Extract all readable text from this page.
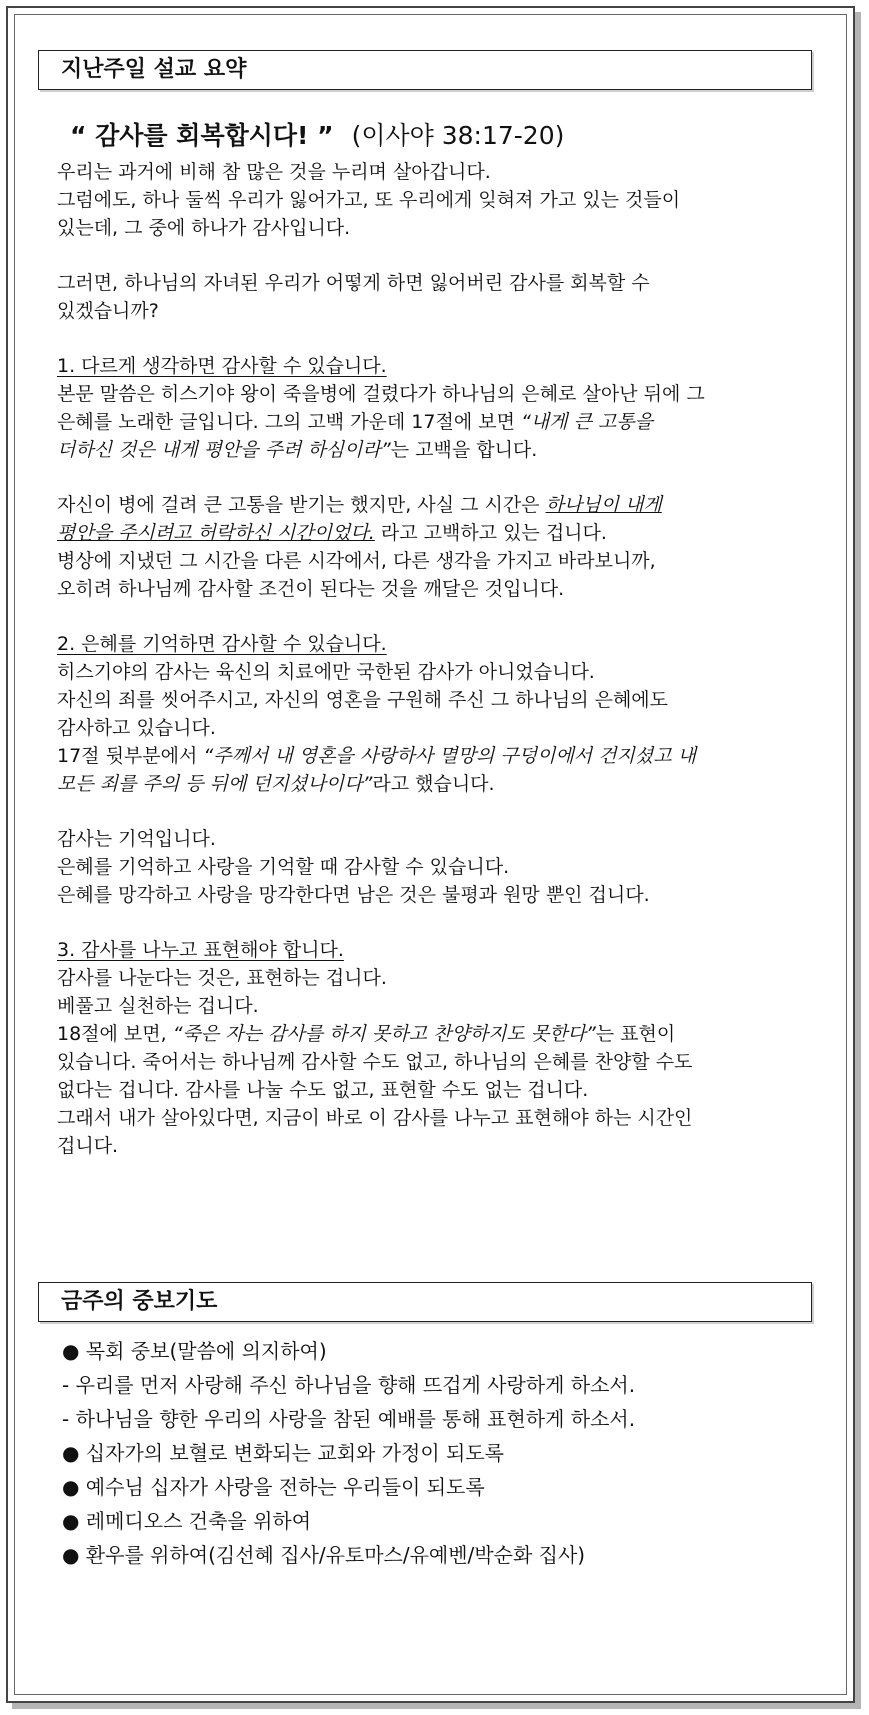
지난주일 설교 요약
“ 감사를 회복합시다! ” (이사야 38:17-20)
우리는 과거에 비해 참 많은 것을 누리며 살아갑니다.
그럼에도, 하나 둘씩 우리가 잃어가고, 또 우리에게 잊혀져 가고 있는 것들이
있는데, 그 중에 하나가 감사입니다.
그러면, 하나님의 자녀된 우리가 어떻게 하면 잃어버린 감사를 회복할 수
있겠습니까?
1. 다르게 생각하면 감사할 수 있습니다.
본문 말씀은 히스기야 왕이 죽을병에 걸렸다가 하나님의 은혜로 살아난 뒤에 그
은혜를 노래한 글입니다. 그의 고백 가운데 17절에 보면 “내게 큰 고통을
더하신 것은 내게 평안을 주려 하심이라”는 고백을 합니다.
자신이 병에 걸려 큰 고통을 받기는 했지만, 사실 그 시간은 하나님이 내게
평안을 주시려고 허락하신 시간이었다. 라고 고백하고 있는 겁니다.
병상에 지냈던 그 시간을 다른 시각에서, 다른 생각을 가지고 바라보니까,
오히려 하나님께 감사할 조건이 된다는 것을 깨달은 것입니다.
2. 은혜를 기억하면 감사할 수 있습니다.
히스기야의 감사는 육신의 치료에만 국한된 감사가 아니었습니다.
자신의 죄를 씻어주시고, 자신의 영혼을 구원해 주신 그 하나님의 은혜에도
감사하고 있습니다.
17절 뒷부분에서 “주께서 내 영혼을 사랑하사 멸망의 구덩이에서 건지셨고 내
모든 죄를 주의 등 뒤에 던지셨나이다”라고 했습니다.
감사는 기억입니다.
은혜를 기억하고 사랑을 기억할 때 감사할 수 있습니다.
은혜를 망각하고 사랑을 망각한다면 남은 것은 불평과 원망 뿐인 겁니다.
3. 감사를 나누고 표현해야 합니다.
감사를 나눈다는 것은, 표현하는 겁니다.
베풀고 실천하는 겁니다.
18절에 보면, “죽은 자는 감사를 하지 못하고 찬양하지도 못한다”는 표현이
있습니다. 죽어서는 하나님께 감사할 수도 없고, 하나님의 은혜를 찬양할 수도
없다는 겁니다. 감사를 나눌 수도 없고, 표현할 수도 없는 겁니다.
그래서 내가 살아있다면, 지금이 바로 이 감사를 나누고 표현해야 하는 시간인
겁니다.
금주의 중보기도
● 목회 중보(말씀에 의지하여)
- 우리를 먼저 사랑해 주신 하나님을 향해 뜨겁게 사랑하게 하소서.
- 하나님을 향한 우리의 사랑을 참된 예배를 통해 표현하게 하소서.
● 십자가의 보혈로 변화되는 교회와 가정이 되도록
● 예수님 십자가 사랑을 전하는 우리들이 되도록
● 레메디오스 건축을 위하여
● 환우를 위하여(김선혜 집사/유토마스/유예벤/박순화 집사)
